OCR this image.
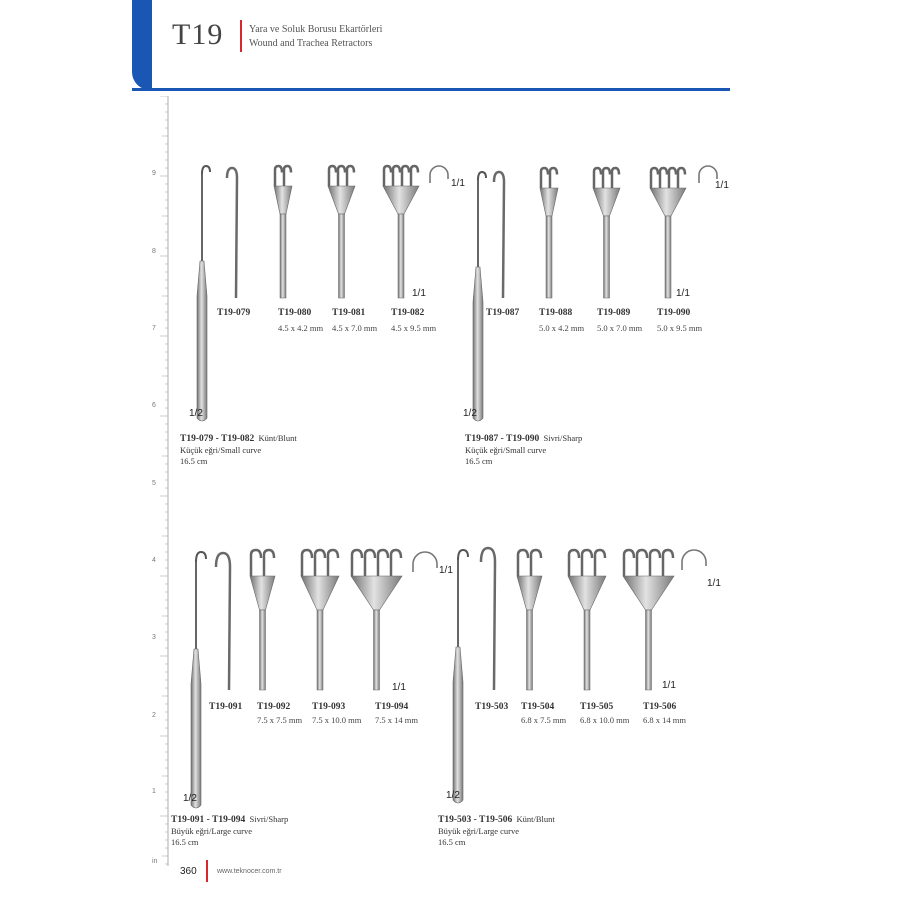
T19	Yara ve Soluk Borusu Ekartörleri
Wound and Trachea Retractors
9
8
7
6
5
4
3
2
1
in
T19-079	T19-080
4.5 x 4.2 mm
T19-081
4.5 x 7.0 mm
T19-082
4.5 x 9.5 mm
1/2
1/1
1/1
T19-079 - T19-082 Künt/Blunt
Küçük eğri/Small curve
16.5 cm
T19-087 T19-088
5.0 x 4.2 mm
T19-089
5.0 x 7.0 mm
T19-090
5.0 x 9.5 mm
1/2
1/1
1/1
T19-087 - T19-090 Sivri/Sharp
Küçük eğri/Small curve
16.5 cm
T19-091 T19-092
7.5 x 7.5 mm
T19-093
7.5 x 10.0 mm
T19-094
7.5 x 14 mm
1/2
1/1
1/1
T19-091 - T19-094 Sivri/Sharp
Büyük eğri/Large curve
16.5 cm
T19-503 T19-504
6.8 x 7.5 mm
T19-505
6.8 x 10.0 mm
T19-506
6.8 x 14 mm
1/2
1/1
1/1
T19-503 - T19-506 Künt/Blunt
Büyük eğri/Large curve
16.5 cm
360	www.teknocer.com.tr
